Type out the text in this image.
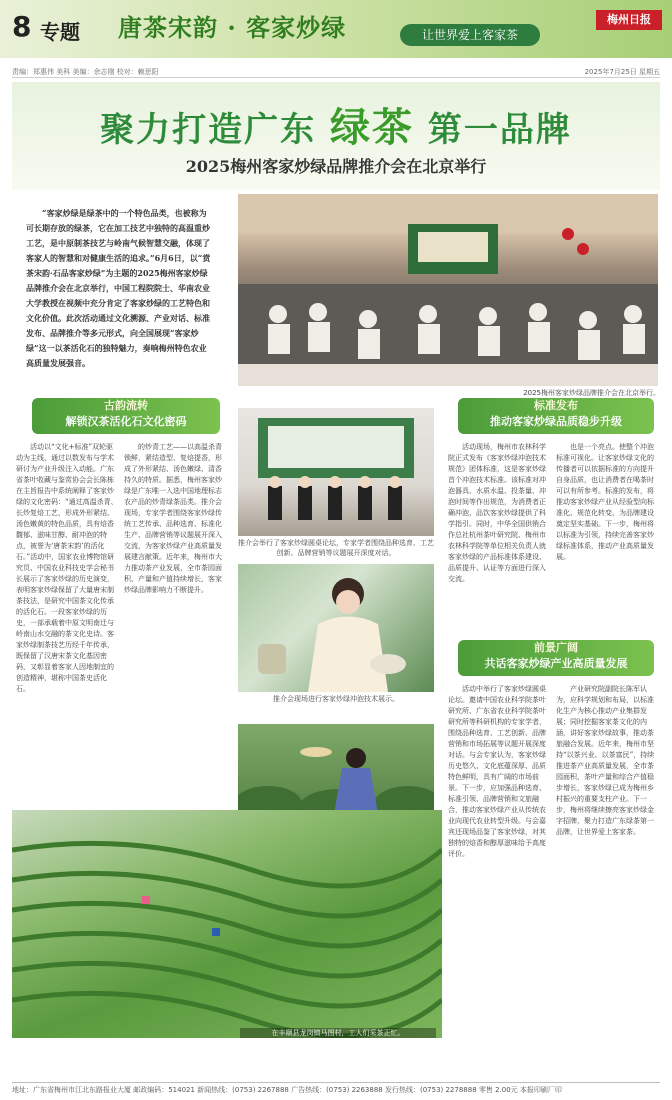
8 专题 唐茶宋韵 · 客家炒绿	让世界爱上客家茶
梅州日报
责编：郑惠伟 美科 美编：余志刚 校对：赖思阳	2025年7月25日 星期五
聚力打造广东 绿茶 第一品牌
2025梅州客家炒绿品牌推介会在北京举行
“客家炒绿是绿茶中的一个特色品类，也被称为可长期存放的绿茶，它在加工技艺中独特的高温重炒工艺，是中原制茶技艺与岭南气候智慧交融，体现了客家人的智慧和对健康生活的追求。”6月6日，以“赏茶宋韵·石品客家炒绿”为主题的2025梅州客家炒绿品牌推介会在北京举行，中国工程院院士、华南农业大学教授在视频中充分肯定了客家炒绿的工艺特色和文化价值。此次活动通过文化溯源、产业对话、标准发布、品牌推介等多元形式，向全国展现“客家炒绿”这一以茶活化石的独特魅力，奏响梅州特色农业高质量发展强音。
2025梅州客家炒绿品牌推介会在北京举行。
古韵流转
解锁汉茶活化石文化密码
标准发布
推动客家炒绿品质稳步升级
前景广阔
共话客家炒绿产业高质量发展
活动以“文化+标准”双轮驱动为主线，通过以数发布与学术研讨为产业升级注入动能。广东省茶叶收藏与鉴赏协会会长陈栋在主旨报告中系统阐释了客家炒绿的文化密码：“通过高温杀青、长炒复焙工艺，形成外形紧结、汤色嫩黄的特色品质，具有焙香馥郁、滋味甘醇、耐冲泡的特点，被誉为‘唐茶宋韵’的活化石。”活动中，国家农业博物馆研究员、中国农业科技史学会秘书长展示了客家炒绿的历史演变，表明客家炒绿保留了大量唐宋制茶技法，是研究中国茶文化传承的活化石。一段客家炒绿的历史，一部承载着中原文明南迁与岭南山水交融的茶文化史诗。客家炒绿制茶技艺历经千年传承，既保留了汉唐宋茶文化基因密码，又彰显着客家人因地制宜的创造精神，堪称中国茶史活化石。
的炒青工艺——以高温杀青锁鲜，紧结造型、复焙提香，形成了外形紧结、汤色嫩绿、清香持久的特质。据悉，梅州客家炒绿是广东唯一入选中国地理标志农产品的炒青绿茶品类。推介会现场，专家学者围绕客家炒绿传统工艺传承、品种选育、标准化生产、品牌营销等议题展开深入交流，为客家炒绿产业高质量发展建言献策。近年来，梅州市大力推动茶产业发展，全市茶园面积、产量和产值持续增长，客家炒绿品牌影响力不断提升。
推介会举行了客家炒绿圆桌论坛，专家学者围绕品种选育、工艺创新、品牌营销等议题展开深度对话。
推介会现场进行客家炒绿冲泡技术展示。
在丰顺县龙岗镇马图村，工人们采茶正忙。
活动现场，梅州市农林科学院正式发布《客家炒绿冲泡技术规范》团体标准，这是客家炒绿首个冲泡技术标准。该标准对冲泡器具、水质水温、投茶量、冲泡时间等作出规范，为消费者正确冲泡、品饮客家炒绿提供了科学指引。同时，中华全国供销合作总社杭州茶叶研究院、梅州市农林科学院等单位相关负责人就客家炒绿的产品标准体系建设、品质提升、认证等方面进行深入交流。
也是一个亮点。使整个冲泡标准可视化。让客家炒绿文化的传播者可以依据标准的方向提升自身品质，也让消费者在喝茶时可以有所参考。标准的发布，将推动客家炒绿产业从经验型向标准化、规范化转变，为品牌建设奠定坚实基础。下一步，梅州将以标准为引领，持续完善客家炒绿标准体系，推动产业高质量发展。
活动中举行了客家炒绿圆桌论坛。邀请中国农业科学院茶叶研究所、广东省农业科学院茶叶研究所等科研机构的专家学者，围绕品种选育、工艺创新、品牌营销和市场拓展等议题开展深度对话。与会专家认为，客家炒绿历史悠久、文化底蕴深厚、品质特色鲜明，具有广阔的市场前景。下一步，应加强品种选育、标准引领、品牌营销和文旅融合，推动客家炒绿产业从传统农业向现代农业转型升级。与会嘉宾还现场品鉴了客家炒绿，对其独特的焙香和醇厚滋味给予高度评价。
产业研究院副院长陈军认为，应科学规划和布局，以标准化生产为核心推动产业集群发展；同时挖掘客家茶文化的内涵，讲好客家炒绿故事，推动茶旅融合发展。近年来，梅州市坚持“以茶兴业、以茶富民”，持续推进茶产业高质量发展，全市茶园面积、茶叶产量和综合产值稳步增长，客家炒绿已成为梅州乡村振兴的重要支柱产业。下一步，梅州将继续擦亮客家炒绿金字招牌，聚力打造广东绿茶第一品牌，让世界爱上客家茶。
地址：广东省梅州市江北东路报业大厦 邮政编码：514021 新闻热线：(0753) 2267888 广告热线：(0753) 2263888 发行热线：(0753) 2278888 零售 2.00元 本报印刷厂印
